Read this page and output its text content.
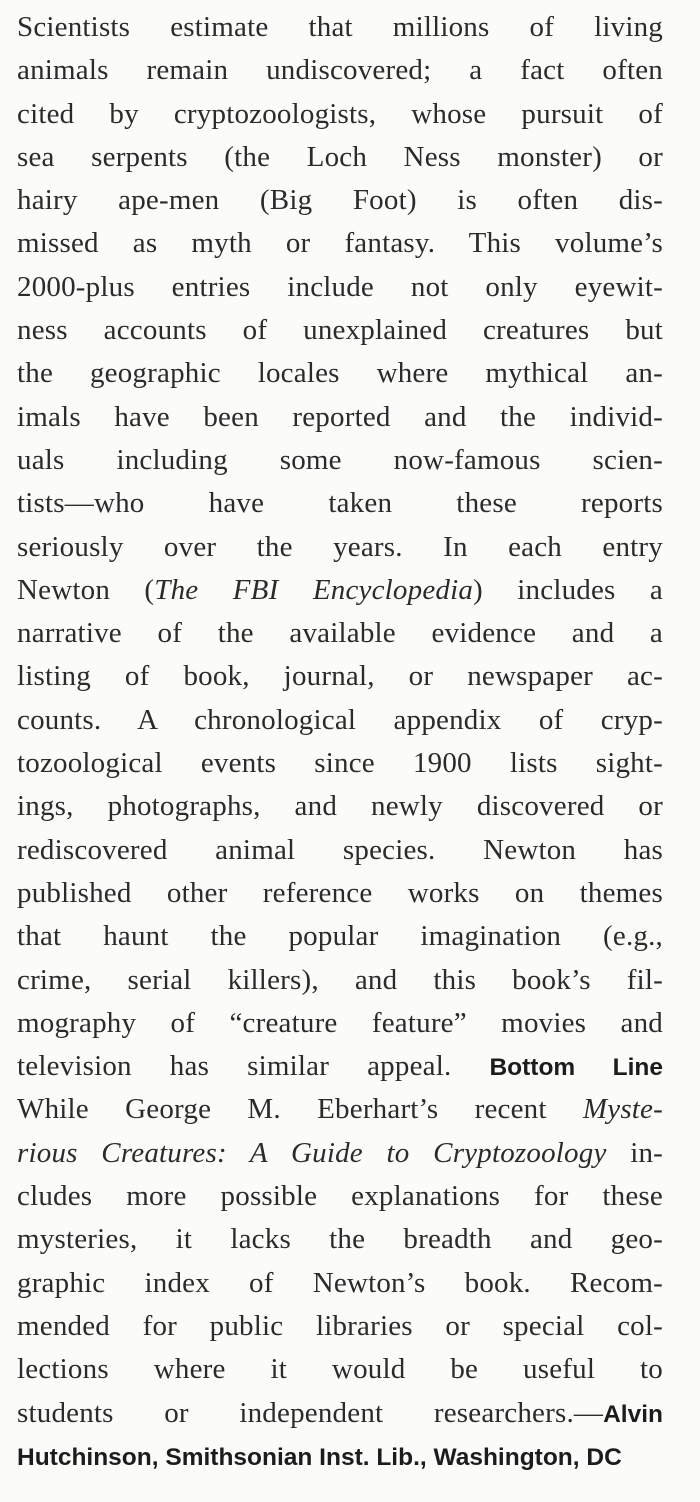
Scientists estimate that millions of living
animals remain undiscovered; a fact often
cited by cryptozoologists, whose pursuit of
sea serpents (the Loch Ness monster) or
hairy ape-men (Big Foot) is often dis-
missed as myth or fantasy. This volume’s
2000-plus entries include not only eyewit-
ness accounts of unexplained creatures but
the geographic locales where mythical an-
imals have been reported and the individ-
uals including some now-famous scien-
tists—who have taken these reports
seriously over the years. In each entry
Newton (The FBI Encyclopedia) includes a
narrative of the available evidence and a
listing of book, journal, or newspaper ac-
counts. A chronological appendix of cryp-
tozoological events since 1900 lists sight-
ings, photographs, and newly discovered or
rediscovered animal species. Newton has
published other reference works on themes
that haunt the popular imagination (e.g.,
crime, serial killers), and this book’s fil-
mography of “creature feature” movies and
television has similar appeal. Bottom Line
While George M. Eberhart’s recent Myste-
rious Creatures: A Guide to Cryptozoology in-
cludes more possible explanations for these
mysteries, it lacks the breadth and geo-
graphic index of Newton’s book. Recom-
mended for public libraries or special col-
lections where it would be useful to
students or independent researchers.—Alvin
Hutchinson, Smithsonian Inst. Lib., Washington, DC
